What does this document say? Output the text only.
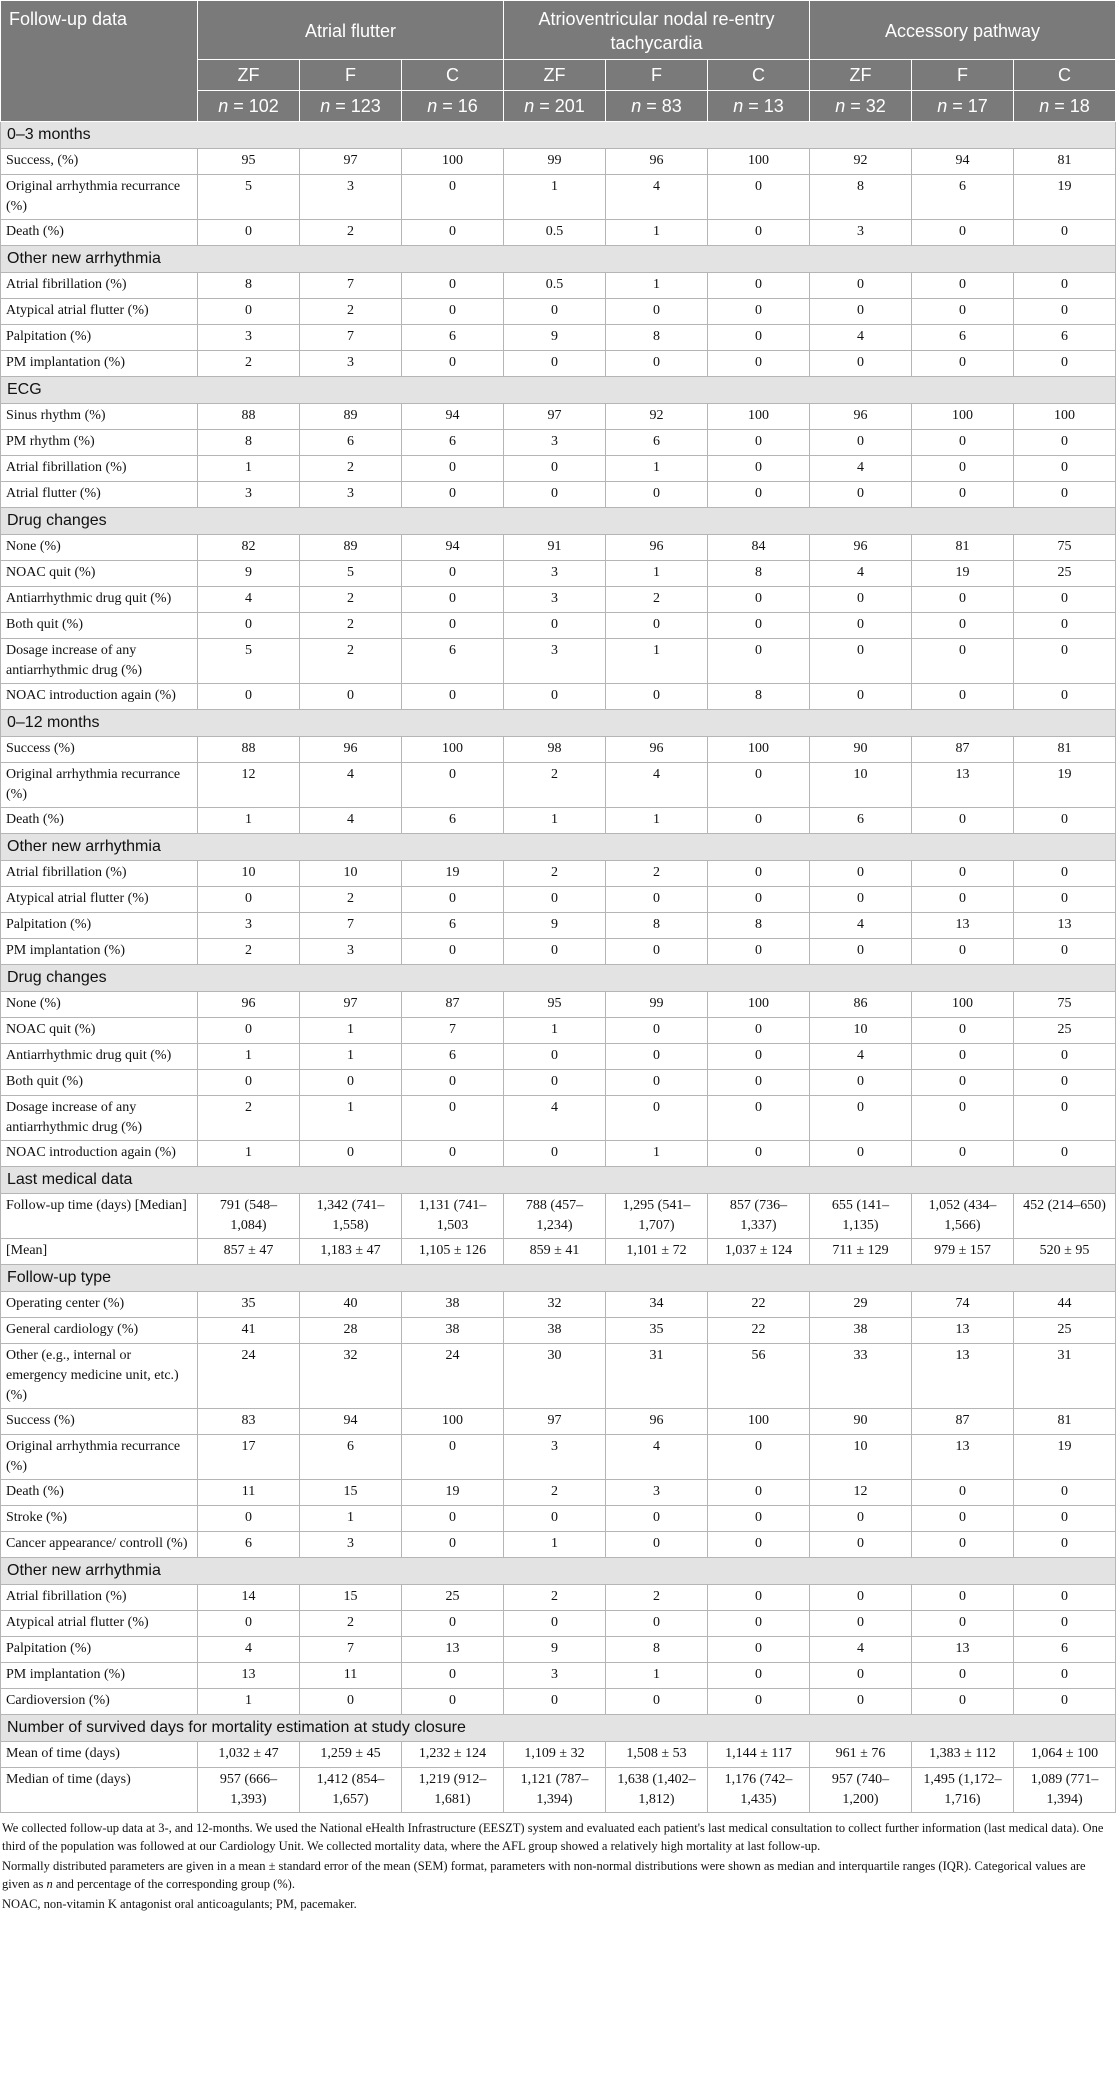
Follow-up data	Atrial flutter			Atrioventricular nodal re-entry tachycardia			Accessory pathway		
	ZF	F	C	ZF	F	C	ZF	F	C
	n = 102	n = 123	n = 16	n = 201	n = 83	n = 13	n = 32	n = 17	n = 18
0–3 months									
Success, (%)	95	97	100	99	96	100	92	94	81
Original arrhythmia recurrance (%)	5	3	0	1	4	0	8	6	19
Death (%)	0	2	0	0.5	1	0	3	0	0
Other new arrhythmia									
Atrial fibrillation (%)	8	7	0	0.5	1	0	0	0	0
Atypical atrial flutter (%)	0	2	0	0	0	0	0	0	0
Palpitation (%)	3	7	6	9	8	0	4	6	6
PM implantation (%)	2	3	0	0	0	0	0	0	0
ECG									
Sinus rhythm (%)	88	89	94	97	92	100	96	100	100
PM rhythm (%)	8	6	6	3	6	0	0	0	0
Atrial fibrillation (%)	1	2	0	0	1	0	4	0	0
Atrial flutter (%)	3	3	0	0	0	0	0	0	0
Drug changes									
None (%)	82	89	94	91	96	84	96	81	75
NOAC quit (%)	9	5	0	3	1	8	4	19	25
Antiarrhythmic drug quit (%)	4	2	0	3	2	0	0	0	0
Both quit (%)	0	2	0	0	0	0	0	0	0
Dosage increase of any antiarrhythmic drug (%)	5	2	6	3	1	0	0	0	0
NOAC introduction again (%)	0	0	0	0	0	8	0	0	0
0–12 months									
Success (%)	88	96	100	98	96	100	90	87	81
Original arrhythmia recurrance (%)	12	4	0	2	4	0	10	13	19
Death (%)	1	4	6	1	1	0	6	0	0
Other new arrhythmia									
Atrial fibrillation (%)	10	10	19	2	2	0	0	0	0
Atypical atrial flutter (%)	0	2	0	0	0	0	0	0	0
Palpitation (%)	3	7	6	9	8	8	4	13	13
PM implantation (%)	2	3	0	0	0	0	0	0	0
Drug changes									
None (%)	96	97	87	95	99	100	86	100	75
NOAC quit (%)	0	1	7	1	0	0	10	0	25
Antiarrhythmic drug quit (%)	1	1	6	0	0	0	4	0	0
Both quit (%)	0	0	0	0	0	0	0	0	0
Dosage increase of any antiarrhythmic drug (%)	2	1	0	4	0	0	0	0	0
NOAC introduction again (%)	1	0	0	0	1	0	0	0	0
Last medical data									
Follow-up time (days) [Median]	791 (548–1,084)	1,342 (741–1,558)	1,131 (741–1,503	788 (457–1,234)	1,295 (541–1,707)	857 (736–1,337)	655 (141–1,135)	1,052 (434–1,566)	452 (214–650)
[Mean]	857 ± 47	1,183 ± 47	1,105 ± 126	859 ± 41	1,101 ± 72	1,037 ± 124	711 ± 129	979 ± 157	520 ± 95
Follow-up type									
Operating center (%)	35	40	38	32	34	22	29	74	44
General cardiology (%)	41	28	38	38	35	22	38	13	25
Other (e.g., internal or emergency medicine unit, etc.) (%)	24	32	24	30	31	56	33	13	31
Success (%)	83	94	100	97	96	100	90	87	81
Original arrhythmia recurrance (%)	17	6	0	3	4	0	10	13	19
Death (%)	11	15	19	2	3	0	12	0	0
Stroke (%)	0	1	0	0	0	0	0	0	0
Cancer appearance/ controll (%)	6	3	0	1	0	0	0	0	0
Other new arrhythmia									
Atrial fibrillation (%)	14	15	25	2	2	0	0	0	0
Atypical atrial flutter (%)	0	2	0	0	0	0	0	0	0
Palpitation (%)	4	7	13	9	8	0	4	13	6
PM implantation (%)	13	11	0	3	1	0	0	0	0
Cardioversion (%)	1	0	0	0	0	0	0	0	0
Number of survived days for mortality estimation at study closure									
Mean of time (days)	1,032 ± 47	1,259 ± 45	1,232 ± 124	1,109 ± 32	1,508 ± 53	1,144 ± 117	961 ± 76	1,383 ± 112	1,064 ± 100
Median of time (days)	957 (666–1,393)	1,412 (854–1,657)	1,219 (912–1,681)	1,121 (787–1,394)	1,638 (1,402–1,812)	1,176 (742–1,435)	957 (740–1,200)	1,495 (1,172–1,716)	1,089 (771–1,394)

We collected follow-up data at 3-, and 12-months. We used the National eHealth Infrastructure (EESZT) system and evaluated each patient's last medical consultation to collect further information (last medical data). One third of the population was followed at our Cardiology Unit. We collected mortality data, where the AFL group showed a relatively high mortality at last follow-up.

Normally distributed parameters are given in a mean ± standard error of the mean (SEM) format, parameters with non-normal distributions were shown as median and interquartile ranges (IQR). Categorical values are given as n and percentage of the corresponding group (%).

NOAC, non-vitamin K antagonist oral anticoagulants; PM, pacemaker.
